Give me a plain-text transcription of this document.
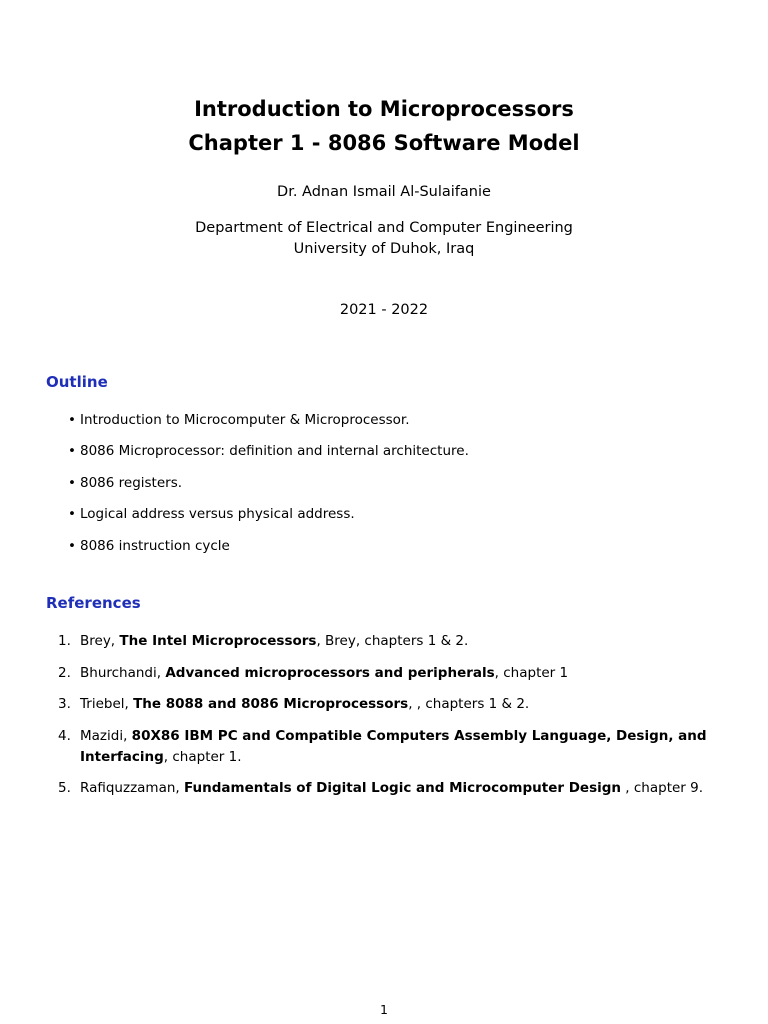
Introduction to Microprocessors
Chapter 1 - 8086 Software Model
Dr. Adnan Ismail Al-Sulaifanie
Department of Electrical and Computer Engineering
University of Duhok, Iraq
2021 - 2022
Outline
• Introduction to Microcomputer & Microprocessor.
• 8086 Microprocessor: definition and internal architecture.
• 8086 registers.
• Logical address versus physical address.
• 8086 instruction cycle
References
1. Brey, The Intel Microprocessors, Brey, chapters 1 & 2.
2. Bhurchandi, Advanced microprocessors and peripherals, chapter 1
3. Triebel, The 8088 and 8086 Microprocessors, , chapters 1 & 2.
4. Mazidi, 80X86 IBM PC and Compatible Computers Assembly Language, Design, and Interfacing, chapter 1.
5. Rafiquzzaman, Fundamentals of Digital Logic and Microcomputer Design , chapter 9.
1
